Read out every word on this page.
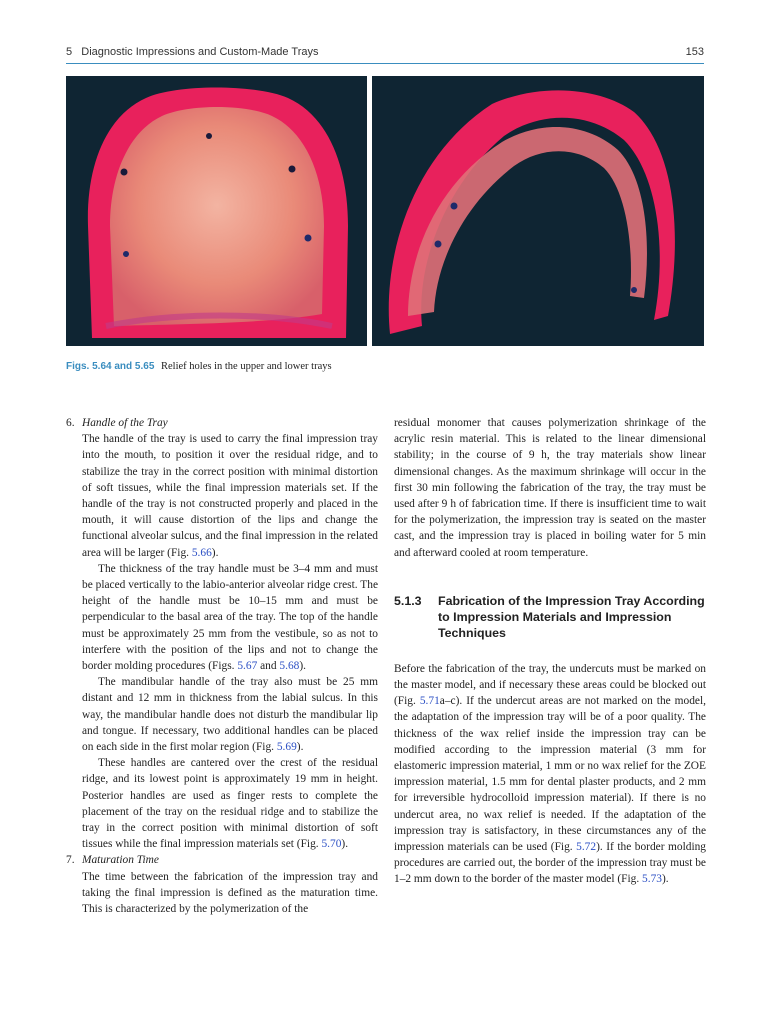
5   Diagnostic Impressions and Custom-Made Trays	153
Figs. 5.64 and 5.65 Relief holes in the upper and lower trays
6. Handle of the Tray

The handle of the tray is used to carry the final impression tray into the mouth, to position it over the residual ridge, and to stabilize the tray in the correct position with minimal distortion of soft tissues, while the final impression materials set. If the handle of the tray is not constructed properly and placed in the mouth, it will cause distortion of the lips and change the functional alveolar sulcus, and the final impression in the related area will be larger (Fig. 5.66).

The thickness of the tray handle must be 3–4 mm and must be placed vertically to the labio-anterior alveolar ridge crest. The height of the handle must be 10–15 mm and must be perpendicular to the basal area of the tray. The top of the handle must be approximately 25 mm from the vestibule, so as not to interfere with the position of the lips and not to change the border molding procedures (Figs. 5.67 and 5.68).

The mandibular handle of the tray also must be 25 mm distant and 12 mm in thickness from the labial sulcus. In this way, the mandibular handle does not disturb the mandibular lip and tongue. If necessary, two additional handles can be placed on each side in the first molar region (Fig. 5.69).

These handles are cantered over the crest of the residual ridge, and its lowest point is approximately 19 mm in height. Posterior handles are used as finger rests to complete the placement of the tray on the residual ridge and to stabilize the tray in the correct position with minimal distortion of soft tissues while the final impression materials set (Fig. 5.70).

7. Maturation Time

The time between the fabrication of the impression tray and taking the final impression is defined as the maturation time. This is characterized by the polymerization of the

residual monomer that causes polymerization shrinkage of the acrylic resin material. This is related to the linear dimensional stability; in the course of 9 h, the tray materials show linear dimensional changes. As the maximum shrinkage will occur in the first 30 min following the fabrication of the tray, the tray must be used after 9 h of fabrication time. If there is insufficient time to wait for the polymerization, the impression tray is seated on the master cast, and the impression tray is placed in boiling water for 5 min and afterward cooled at room temperature.

5.1.3	Fabrication of the Impression Tray According to Impression Materials and Impression Techniques

Before the fabrication of the tray, the undercuts must be marked on the master model, and if necessary these areas could be blocked out (Fig. 5.71a–c). If the undercut areas are not marked on the model, the adaptation of the impression tray will be of a poor quality. The thickness of the wax relief inside the impression tray can be modified according to the impression material (3 mm for elastomeric impression material, 1 mm or no wax relief for the ZOE impression material, 1.5 mm for dental plaster products, and 2 mm for irreversible hydrocolloid impression material). If there is no undercut area, no wax relief is needed. If the adaptation of the impression tray is satisfactory, in these circumstances any of the impression materials can be used (Fig. 5.72). If the border molding procedures are carried out, the border of the impression tray must be 1–2 mm down to the border of the master model (Fig. 5.73).
